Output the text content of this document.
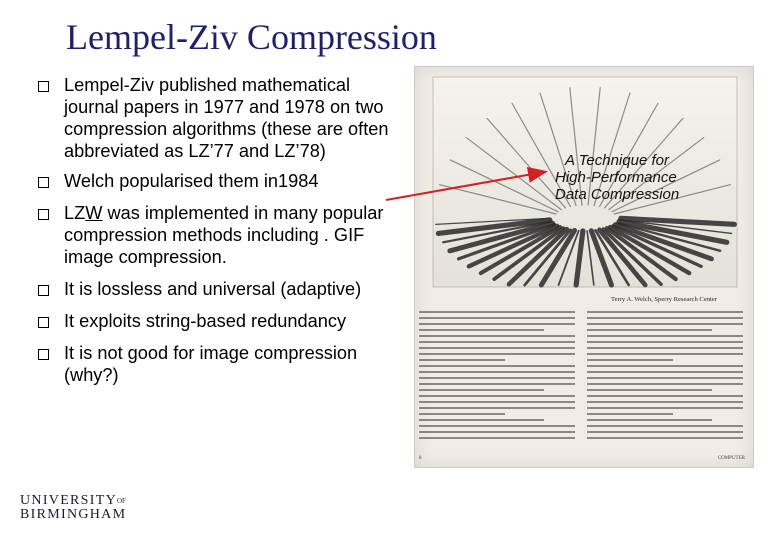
Lempel-Ziv Compression
Lempel-Ziv published mathematical journal papers in 1977 and 1978 on two compression algorithms (these are often abbreviated as LZ’77 and LZ’78)
Welch popularised them in1984
LZW was implemented in many popular compression methods including . GIF image compression.
It is lossless and universal (adaptive)
It exploits string-based redundancy
It is not good for image compression (why?)
A Technique for
High-Performance
Data Compression
Terry A. Welch, Sperry Research Center
8	COMPUTER
$UNIVERSITY^{OF}$
BIRMINGHAM
